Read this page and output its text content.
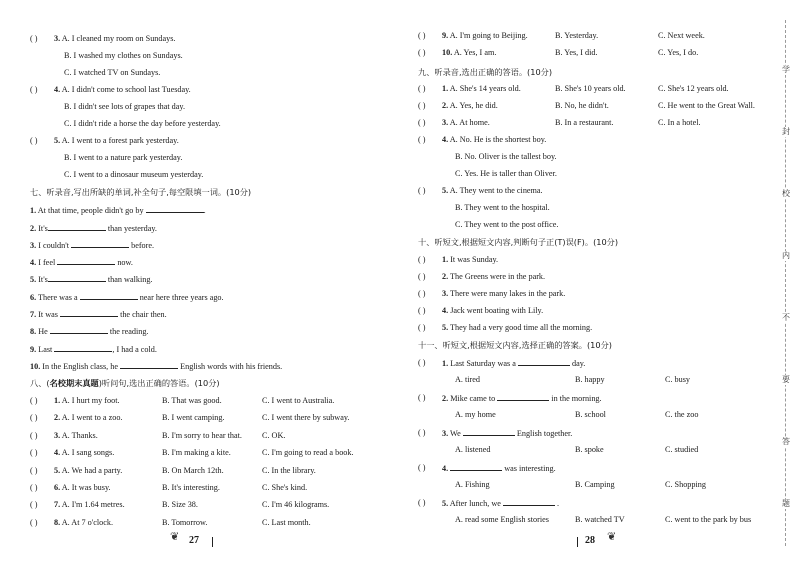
( ) 3. A. I cleaned my room on Sundays.
B. I washed my clothes on Sundays.
C. I watched TV on Sundays.
( ) 4. A. I didn't come to school last Tuesday.
B. I didn't see lots of grapes that day.
C. I didn't ride a horse the day before yesterday.
( ) 5. A. I went to a forest park yesterday.
B. I went to a nature park yesterday.
C. I went to a dinosaur museum yesterday.
七、听录音,写出所缺的单词,补全句子,每空限填一词。(10分)
1. At that time, people didn't go by	.
2. It's	than yesterday.
3. I couldn't	before.
4. I feel	now.
5. It's	than walking.
6. There was a	near here three years ago.
7. It was	the chair then.
8. He	the reading.
9. Last	, I had a cold.
10. In the English class, he	English words with his friends.
八、(名校期末真题)听问句,选出正确的答语。(10分)
( ) 1. A. I hurt my foot.	B. That was good.	C. I went to Australia.
( ) 2. A. I went to a zoo.	B. I went camping.	C. I went there by subway.
( ) 3. A. Thanks.	B. I'm sorry to hear that. C. OK.
( ) 4. A. I sang songs.	B. I'm making a kite.	C. I'm going to read a book.
( ) 5. A. We had a party.	B. On March 12th.	C. In the library.
( ) 6. A. It was busy.	B. It's interesting.	C. She's kind.
( ) 7. A. I'm 1.64 metres.	B. Size 38.	C. I'm 46 kilograms.
( ) 8. A. At 7 o'clock.	B. Tomorrow.	C. Last month.
❦ 27
( ) 9. A. I'm going to Beijing.	B. Yesterday.	C. Next week.
( ) 10. A. Yes, I am.	B. Yes, I did.	C. Yes, I do.
九、听录音,选出正确的答语。(10分)
( ) 1. A. She's 14 years old.	B. She's 10 years old.	C. She's 12 years old.
( ) 2. A. Yes, he did.	B. No, he didn't.	C. He went to the Great Wall.
( ) 3. A. At home.	B. In a restaurant.	C. In a hotel.
( ) 4. A. No. He is the shortest boy.
B. No. Oliver is the tallest boy.
C. Yes. He is taller than Oliver.
( ) 5. A. They went to the cinema.
B. They went to the hospital.
C. They went to the post office.
十、听短文,根据短文内容,判断句子正(T)误(F)。(10分)
( ) 1. It was Sunday.
( ) 2. The Greens were in the park.
( ) 3. There were many lakes in the park.
( ) 4. Jack went boating with Lily.
( ) 5. They had a very good time all the morning.
十一、听短文,根据短文内容,选择正确的答案。(10分)
( ) 1. Last Saturday was a	day.
A. tired	B. happy	C. busy
( ) 2. Mike came to	in the morning.
A. my home	B. school	C. the zoo
( ) 3. We	English together.
A. listened	B. spoke	C. studied
( ) 4.	was interesting.
A. Fishing	B. Camping	C. Shopping
( ) 5. After lunch, we	.
A. read some English stories	B. watched TV	C. went to the park by bus
28 ❦
学
封
校
内
不
要
答
题
